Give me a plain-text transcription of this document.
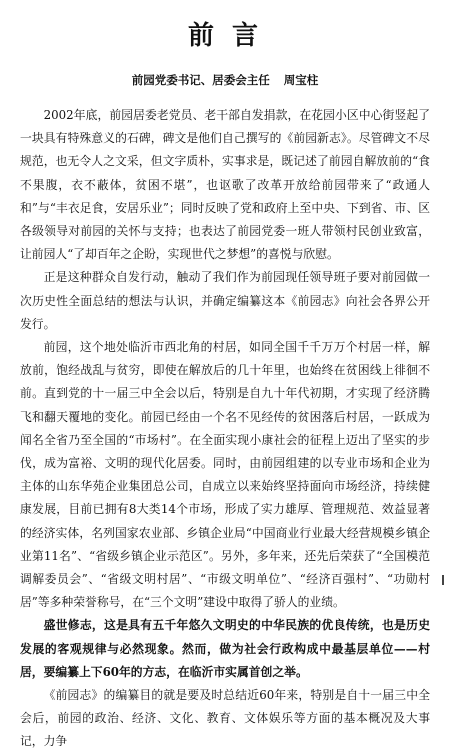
前言
前园党委书记、居委会主任 周宝柱

2002年底，前园居委老党员、老干部自发捐款，在花园小区中心街竖起了一块具有特殊意义的石碑，碑文是他们自己撰写的《前园新志》。尽管碑文不尽规范，也无令人之文采，但文字质朴，实事求是，既记述了前园自解放前的“食不果腹，衣不蔽体，贫困不堪”，也讴歌了改革开放给前园带来了“政通人和”与“丰衣足食，安居乐业”；同时反映了党和政府上至中央、下到省、市、区各级领导对前园的关怀与支持；也表达了前园党委一班人带领村民创业致富，让前园人“了却百年之企盼，实现世代之梦想”的喜悦与欣慰。

正是这种群众自发行动，触动了我们作为前园现任领导班子要对前园做一次历史性全面总结的想法与认识，并确定编纂这本《前园志》向社会各界公开发行。

前园，这个地处临沂市西北角的村居，如同全国千千万万个村居一样，解放前，饱经战乱与贫穷，即使在解放后的几十年里，也始终在贫困线上徘徊不前。直到党的十一届三中全会以后，特别是自九十年代初期，才实现了经济腾飞和翻天覆地的变化。前园已经由一个名不见经传的贫困落后村居，一跃成为闻名全省乃至全国的“市场村”。在全面实现小康社会的征程上迈出了坚实的步伐，成为富裕、文明的现代化居委。同时，由前园组建的以专业市场和企业为主体的山东华苑企业集团总公司，自成立以来始终坚持面向市场经济，持续健康发展，目前已拥有8大类14个市场，形成了实力雄厚、管理规范、效益显著的经济实体，名列国家农业部、乡镇企业局“中国商业行业最大经营规模乡镇企业第11名”、“省级乡镇企业示范区”。另外，多年来，还先后荣获了“全国模范调解委员会”、“省级文明村居”、“市级文明单位”、“经济百强村”、“功勋村居”等多种荣誉称号，在“三个文明”建设中取得了骄人的业绩。

盛世修志，这是具有五千年悠久文明史的中华民族的优良传统，也是历史发展的客观规律与必然现象。然而，做为社会行政构成中最基层单位——村居，要编纂上下60年的方志，在临沂市实属首创之举。

《前园志》的编纂目的就是要及时总结近60年来，特别是自十一届三中全会后，前园的政治、经济、文化、教育、文体娱乐等方面的基本概况及大事记，力争
